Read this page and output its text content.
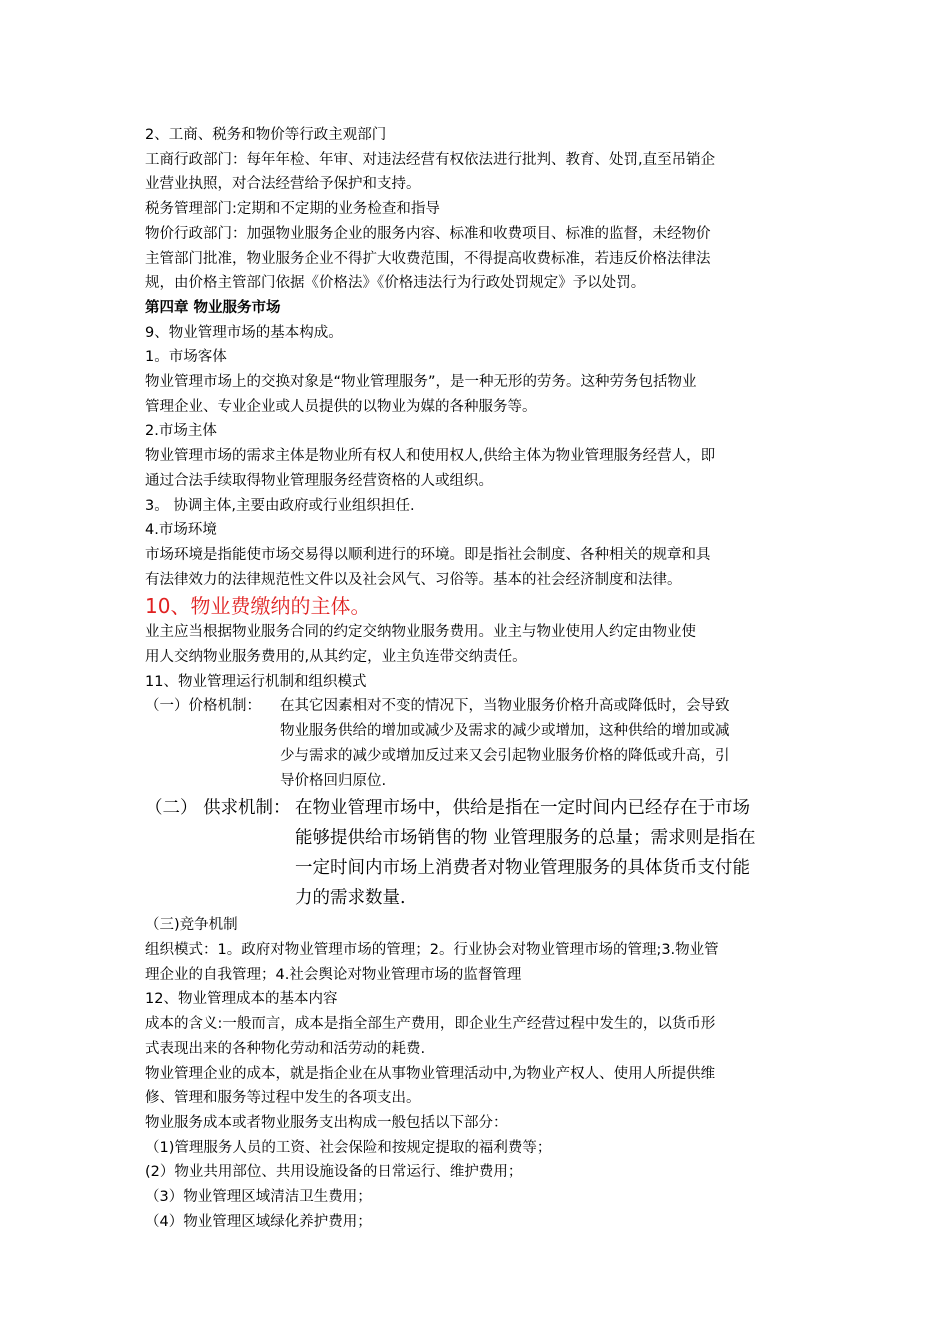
2、工商、税务和物价等行政主观部门

工商行政部门：每年年检、年审、对违法经营有权依法进行批判、教育、处罚,直至吊销企

业营业执照，对合法经营给予保护和支持。

税务管理部门:定期和不定期的业务检查和指导

物价行政部门：加强物业服务企业的服务内容、标准和收费项目、标准的监督，未经物价

主管部门批准，物业服务企业不得扩大收费范围，不得提高收费标准，若违反价格法律法

规，由价格主管部门依据《价格法》《价格违法行为行政处罚规定》予以处罚。

第四章 物业服务市场

9、物业管理市场的基本构成。

1。市场客体

物业管理市场上的交换对象是“物业管理服务”，是一种无形的劳务。这种劳务包括物业

管理企业、专业企业或人员提供的以物业为媒的各种服务等。

2.市场主体

物业管理市场的需求主体是物业所有权人和使用权人,供给主体为物业管理服务经营人，即

通过合法手续取得物业管理服务经营资格的人或组织。

3。 协调主体,主要由政府或行业组织担任.

4.市场环境

市场环境是指能使市场交易得以顺利进行的环境。即是指社会制度、各种相关的规章和具

有法律效力的法律规范性文件以及社会风气、习俗等。基本的社会经济制度和法律。

10、物业费缴纳的主体。

业主应当根据物业服务合同的约定交纳物业服务费用。业主与物业使用人约定由物业使

用人交纳物业服务费用的,从其约定，业主负连带交纳责任。

11、物业管理运行机制和组织模式

（一）价格机制：	在其它因素相对不变的情况下，当物业服务价格升高或降低时，会导致

物业服务供给的增加或减少及需求的减少或增加，这种供给的增加或减

少与需求的减少或增加反过来又会引起物业服务价格的降低或升高，引

导价格回归原位.

（二） 供求机制： 在物业管理市场中，供给是指在一定时间内已经存在于市场

能够提供给市场销售的物 业管理服务的总量；需求则是指在

一定时间内市场上消费者对物业管理服务的具体货币支付能

力的需求数量.

（三)竞争机制

组织模式：1。政府对物业管理市场的管理；2。行业协会对物业管理市场的管理;3.物业管

理企业的自我管理；4.社会舆论对物业管理市场的监督管理

12、物业管理成本的基本内容

成本的含义:一般而言，成本是指全部生产费用，即企业生产经营过程中发生的，以货币形

式表现出来的各种物化劳动和活劳动的耗费.

物业管理企业的成本，就是指企业在从事物业管理活动中,为物业产权人、使用人所提供维

修、管理和服务等过程中发生的各项支出。

物业服务成本或者物业服务支出构成一般包括以下部分：

（1)管理服务人员的工资、社会保险和按规定提取的福利费等；

(2）物业共用部位、共用设施设备的日常运行、维护费用；

（3）物业管理区域清洁卫生费用；

（4）物业管理区域绿化养护费用；
